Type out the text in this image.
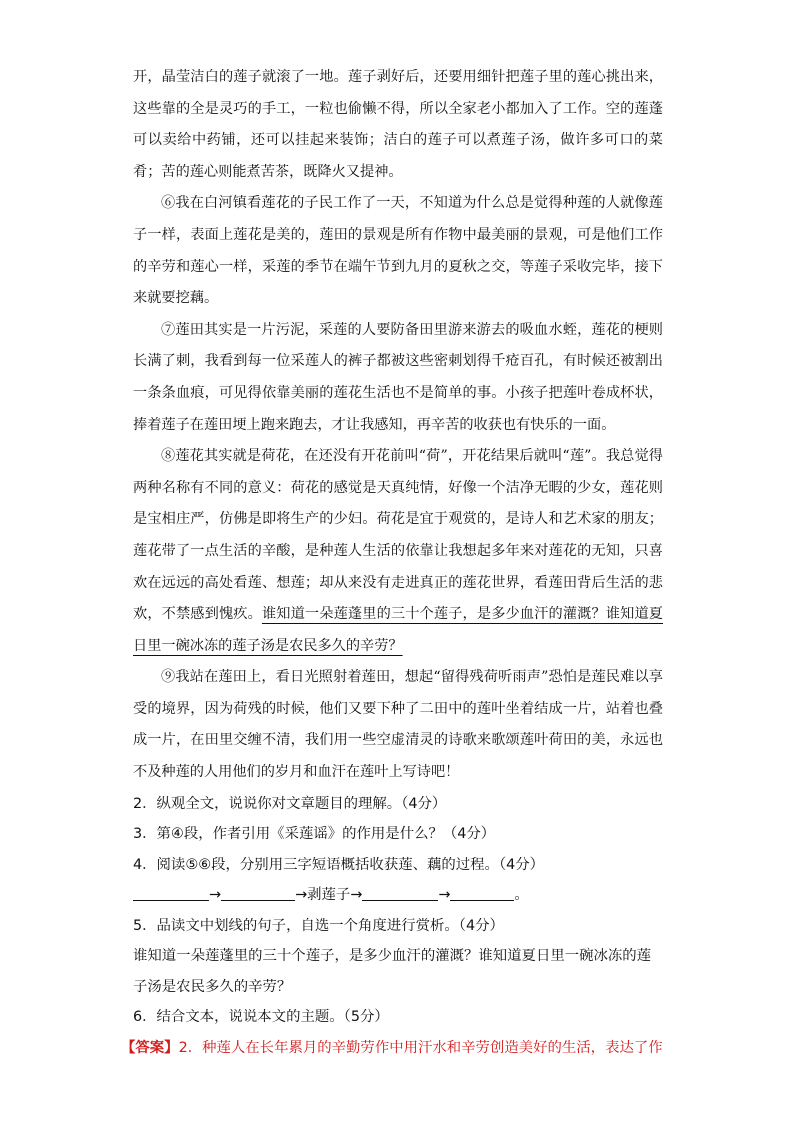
开，晶莹洁白的莲子就滚了一地。莲子剥好后，还要用细针把莲子里的莲心挑出来，这些靠的全是灵巧的手工，一粒也偷懒不得，所以全家老小都加入了工作。空的莲蓬可以卖给中药铺，还可以挂起来装饰；洁白的莲子可以煮莲子汤，做许多可口的菜肴；苦的莲心则能煮苦茶，既降火又提神。

⑥我在白河镇看莲花的子民工作了一天，不知道为什么总是觉得种莲的人就像莲子一样，表面上莲花是美的，莲田的景观是所有作物中最美丽的景观，可是他们工作的辛劳和莲心一样，采莲的季节在端午节到九月的夏秋之交，等莲子采收完毕，接下来就要挖藕。

⑦莲田其实是一片污泥，采莲的人要防备田里游来游去的吸血水蛭，莲花的梗则长满了刺，我看到每一位采莲人的裤子都被这些密刺划得千疮百孔，有时候还被割出一条条血痕，可见得依靠美丽的莲花生活也不是简单的事。小孩子把莲叶卷成杯状，捧着莲子在莲田埂上跑来跑去，才让我感知，再辛苦的收获也有快乐的一面。

⑧莲花其实就是荷花，在还没有开花前叫“荷”，开花结果后就叫“莲”。我总觉得两种名称有不同的意义：荷花的感觉是天真纯情，好像一个洁净无暇的少女，莲花则是宝相庄严，仿佛是即将生产的少妇。荷花是宜于观赏的，是诗人和艺术家的朋友；莲花带了一点生活的辛酸，是种莲人生活的依靠让我想起多年来对莲花的无知，只喜欢在远远的高处看莲、想莲；却从来没有走进真正的莲花世界，看莲田背后生活的悲欢，不禁感到愧疚。谁知道一朵莲蓬里的三十个莲子，是多少血汗的灌溉？谁知道夏日里一碗冰冻的莲子汤是农民多久的辛劳？

⑨我站在莲田上，看日光照射着莲田，想起“留得残荷听雨声”恐怕是莲民难以享受的境界，因为荷残的时候，他们又要下种了二田中的莲叶坐着结成一片，站着也叠成一片，在田里交缠不清，我们用一些空虚清灵的诗歌来歌颂莲叶荷田的美，永远也不及种莲的人用他们的岁月和血汗在莲叶上写诗吧！

2．纵观全文，说说你对文章题目的理解。（4分）

3．第④段，作者引用《采莲谣》的作用是什么？（4分）

4．阅读⑤⑥段，分别用三字短语概括收获莲、藕的过程。（4分）

→	→剥莲子→	→	。

5．品读文中划线的句子，自选一个角度进行赏析。（4分）

谁知道一朵莲蓬里的三十个莲子，是多少血汗的灌溉？谁知道夏日里一碗冰冻的莲子汤是农民多久的辛劳？

6．结合文本，说说本文的主题。（5分）

【答案】2．种莲人在长年累月的辛勤劳作中用汗水和辛劳创造美好的生活，表达了作
